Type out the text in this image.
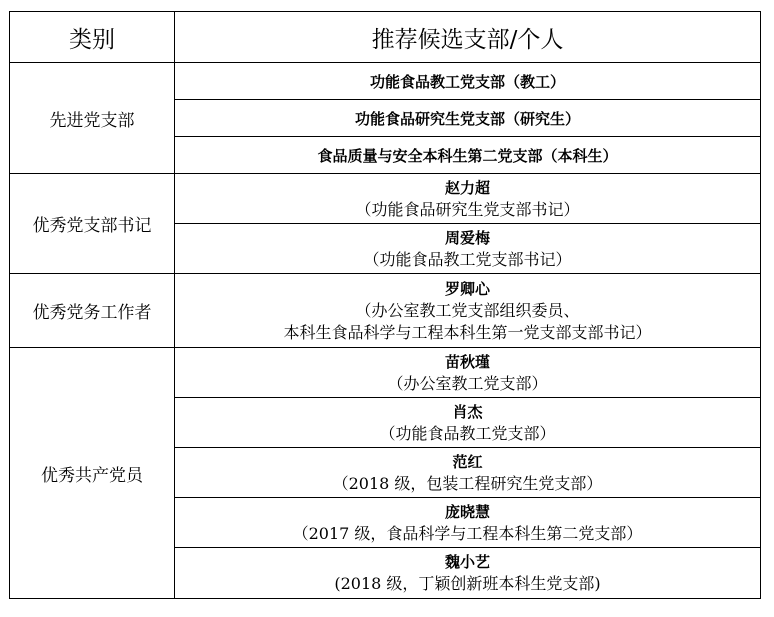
类别	推荐候选支部/个人
先进党支部	功能食品教工党支部（教工）
	功能食品研究生党支部（研究生）
	食品质量与安全本科生第二党支部（本科生）
优秀党支部书记	赵力超
（功能食品研究生党支部书记）

	周爱梅
（功能食品教工党支部书记）

优秀党务工作者	罗卿心
（办公室教工党支部组织委员、
本科生食品科学与工程本科生第一党支部支部书记）

优秀共产党员	苗秋瑾
（办公室教工党支部）

	肖杰
（功能食品教工党支部）

	范红
（2018 级，包装工程研究生党支部）

	庞晓慧
（2017 级，食品科学与工程本科生第二党支部）

	魏小艺
(2018 级，丁颖创新班本科生党支部)
